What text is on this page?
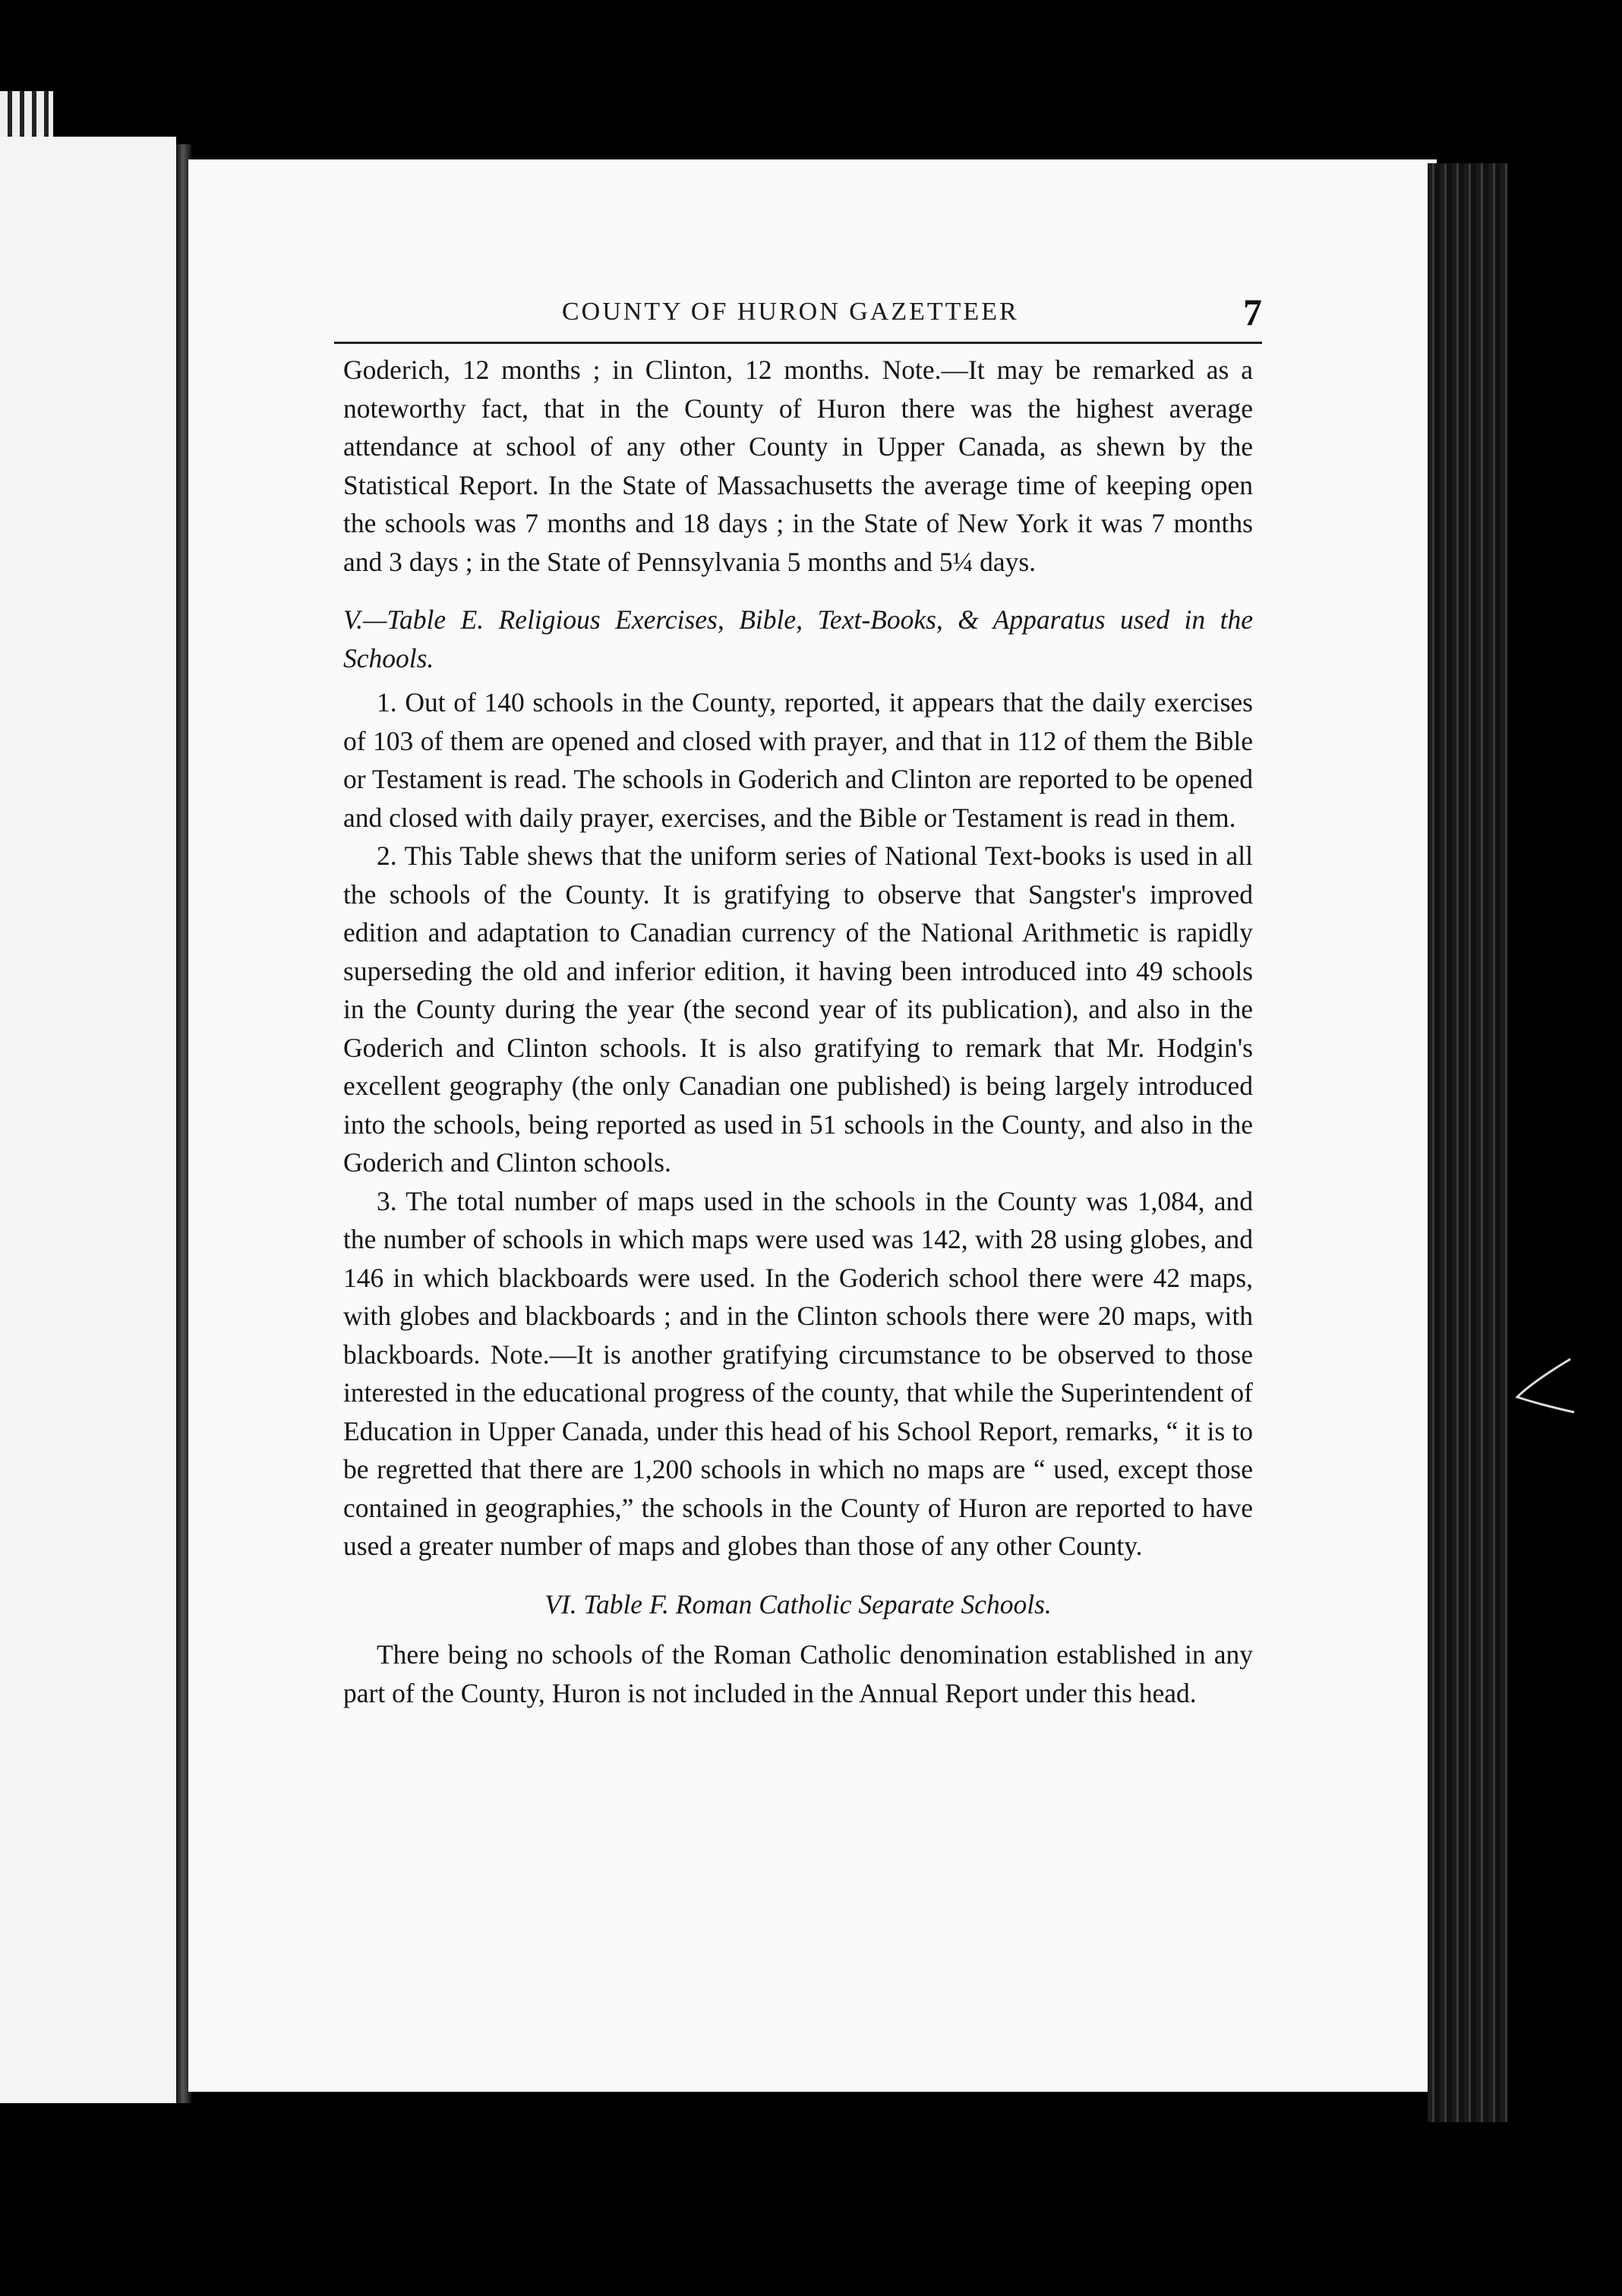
COUNTY OF HURON GAZETTEER	7

Goderich, 12 months ; in Clinton, 12 months. Note.—It may be remarked as a noteworthy fact, that in the County of Huron there was the highest average attendance at school of any other County in Upper Canada, as shewn by the Statistical Report. In the State of Massachusetts the average time of keeping open the schools was 7 months and 18 days ; in the State of New York it was 7 months and 3 days ; in the State of Pennsylvania 5 months and 5¼ days.

V.—Table E. Religious Exercises, Bible, Text-Books, & Apparatus used in the Schools.

1. Out of 140 schools in the County, reported, it appears that the daily exercises of 103 of them are opened and closed with prayer, and that in 112 of them the Bible or Testament is read. The schools in Goderich and Clinton are reported to be opened and closed with daily prayer, exercises, and the Bible or Testament is read in them.

2. This Table shews that the uniform series of National Text-books is used in all the schools of the County. It is gratifying to observe that Sangster's improved edition and adaptation to Canadian currency of the National Arithmetic is rapidly superseding the old and inferior edition, it having been introduced into 49 schools in the County during the year (the second year of its publication), and also in the Goderich and Clinton schools. It is also gratifying to remark that Mr. Hodgin's excellent geography (the only Canadian one published) is being largely introduced into the schools, being reported as used in 51 schools in the County, and also in the Goderich and Clinton schools.

3. The total number of maps used in the schools in the County was 1,084, and the number of schools in which maps were used was 142, with 28 using globes, and 146 in which blackboards were used. In the Goderich school there were 42 maps, with globes and blackboards ; and in the Clinton schools there were 20 maps, with blackboards. Note.—It is another gratifying circumstance to be observed to those interested in the educational progress of the county, that while the Superintendent of Education in Upper Canada, under this head of his School Report, remarks, “ it is to be regretted that there are 1,200 schools in which no maps are “ used, except those contained in geographies,” the schools in the County of Huron are reported to have used a greater number of maps and globes than those of any other County.

VI. Table F. Roman Catholic Separate Schools.

There being no schools of the Roman Catholic denomination established in any part of the County, Huron is not included in the Annual Report under this head.
